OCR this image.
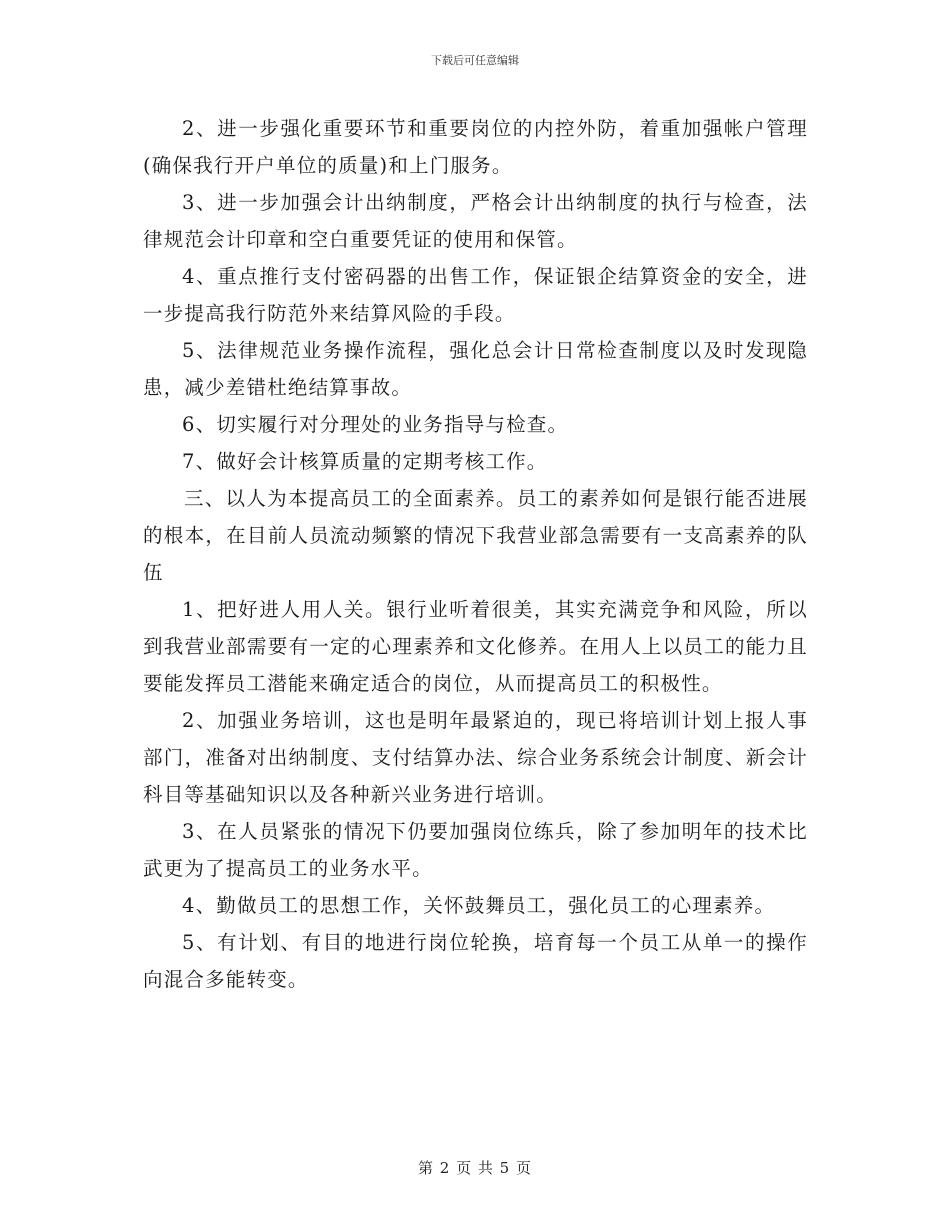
下载后可任意编辑

2、进一步强化重要环节和重要岗位的内控外防，着重加强帐户管理(确保我行开户单位的质量)和上门服务。

3、进一步加强会计出纳制度，严格会计出纳制度的执行与检查，法律规范会计印章和空白重要凭证的使用和保管。

4、重点推行支付密码器的出售工作，保证银企结算资金的安全，进一步提高我行防范外来结算风险的手段。

5、法律规范业务操作流程，强化总会计日常检查制度以及时发现隐患，减少差错杜绝结算事故。

6、切实履行对分理处的业务指导与检查。

7、做好会计核算质量的定期考核工作。

三、以人为本提高员工的全面素养。员工的素养如何是银行能否进展的根本，在目前人员流动频繁的情况下我营业部急需要有一支高素养的队伍

1、把好进人用人关。银行业听着很美，其实充满竞争和风险，所以到我营业部需要有一定的心理素养和文化修养。在用人上以员工的能力且要能发挥员工潜能来确定适合的岗位，从而提高员工的积极性。

2、加强业务培训，这也是明年最紧迫的，现已将培训计划上报人事部门，准备对出纳制度、支付结算办法、综合业务系统会计制度、新会计科目等基础知识以及各种新兴业务进行培训。

3、在人员紧张的情况下仍要加强岗位练兵，除了参加明年的技术比武更为了提高员工的业务水平。

4、勤做员工的思想工作，关怀鼓舞员工，强化员工的心理素养。

5、有计划、有目的地进行岗位轮换，培育每一个员工从单一的操作向混合多能转变。

第 2 页 共 5 页
